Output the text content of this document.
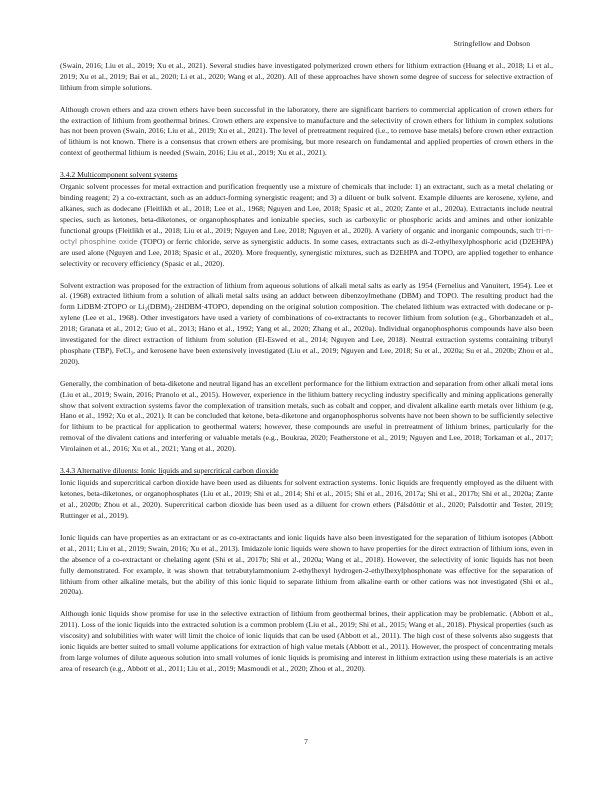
Stringfellow and Dobson

(Swain, 2016; Liu et al., 2019; Xu et al., 2021). Several studies have investigated polymerized crown ethers for lithium extraction (Huang et al., 2018; Li et al., 2019; Xu et al., 2019; Bai et al., 2020; Li et al., 2020; Wang et al., 2020). All of these approaches have shown some degree of success for selective extraction of lithium from simple solutions.

Although crown ethers and aza crown ethers have been successful in the laboratory, there are significant barriers to commercial application of crown ethers for the extraction of lithium from geothermal brines. Crown ethers are expensive to manufacture and the selectivity of crown ethers for lithium in complex solutions has not been proven (Swain, 2016; Liu et al., 2019; Xu et al., 2021). The level of pretreatment required (i.e., to remove base metals) before crown ether extraction of lithium is not known. There is a consensus that crown ethers are promising, but more research on fundamental and applied properties of crown ethers in the context of geothermal lithium is needed (Swain, 2016; Liu et al., 2019; Xu et al., 2021).

3.4.2 Multicomponent solvent systems

Organic solvent processes for metal extraction and purification frequently use a mixture of chemicals that include: 1) an extractant, such as a metal chelating or binding reagent; 2) a co-extractant, such as an adduct-forming synergistic reagent; and 3) a diluent or bulk solvent. Example diluents are kerosene, xylene, and alkanes, such as dodecane (Fleitlikh et al., 2018; Lee et al., 1968; Nguyen and Lee, 2018; Spasic et al., 2020; Zante et al., 2020a). Extractants include neutral species, such as ketones, beta-diketones, or organophosphates and ionizable species, such as carboxylic or phosphoric acids and amines and other ionizable functional groups (Fleitlikh et al., 2018; Liu et al., 2019; Nguyen and Lee, 2018; Nguyen et al., 2020). A variety of organic and inorganic compounds, such tri-n-octyl phosphine oxide (TOPO) or ferric chloride, serve as synergistic adducts. In some cases, extractants such as di-2-ethylhexylphosphoric acid (D2EHPA) are used alone (Nguyen and Lee, 2018; Spasic et al., 2020). More frequently, synergistic mixtures, such as D2EHPA and TOPO, are applied together to enhance selectivity or recovery efficiency (Spasic et al., 2020).

Solvent extraction was proposed for the extraction of lithium from aqueous solutions of alkali metal salts as early as 1954 (Fernelius and Vanuitert, 1954). Lee et al. (1968) extracted lithium from a solution of alkali metal salts using an adduct between dibenzoylmethane (DBM) and TOPO. The resulting product had the form LiDBM·2TOPO or Li₂(DBM)₂·2HDBM·4TOPO, depending on the original solution composition. The chelated lithium was extracted with dodecane or p-xylene (Lee et al., 1968). Other investigators have used a variety of combinations of co-extractants to recover lithium from solution (e.g., Ghorbanzadeh et al., 2018; Granata et al., 2012; Guo et al., 2013; Hano et al., 1992; Yang et al., 2020; Zhang et al., 2020a). Individual organophosphorus compounds have also been investigated for the direct extraction of lithium from solution (El-Eswed et al., 2014; Nguyen and Lee, 2018). Neutral extraction systems containing tributyl phosphate (TBP), FeCl₃, and kerosene have been extensively investigated (Liu et al., 2019; Nguyen and Lee, 2018; Su et al., 2020a; Su et al., 2020b; Zhou et al., 2020).

Generally, the combination of beta-diketone and neutral ligand has an excellent performance for the lithium extraction and separation from other alkali metal ions (Liu et al., 2019; Swain, 2016; Pranolo et al., 2015). However, experience in the lithium battery recycling industry specifically and mining applications generally show that solvent extraction systems favor the complexation of transition metals, such as cobalt and copper, and divalent alkaline earth metals over lithium (e.g, Hano et al., 1992; Xu et al., 2021). It can be concluded that ketone, beta-diketone and organophosphorus solvents have not been shown to be sufficiently selective for lithium to be practical for application to geothermal waters; however, these compounds are useful in pretreatment of lithium brines, particularly for the removal of the divalent cations and interfering or valuable metals (e.g., Boukraa, 2020; Featherstone et al., 2019; Nguyen and Lee, 2018; Torkaman et al., 2017; Virolainen et al., 2016; Xu et al., 2021; Yang et al., 2020).

3.4.3 Alternative diluents: Ionic liquids and supercritical carbon dioxide

Ionic liquids and supercritical carbon dioxide have been used as diluents for solvent extraction systems. Ionic liquids are frequently employed as the diluent with ketones, beta-diketones, or organophosphates (Liu et al., 2019; Shi et al., 2014; Shi et al., 2015; Shi et al., 2016, 2017a; Shi et al., 2017b; Shi et al., 2020a; Zante et al., 2020b; Zhou et al., 2020). Supercritical carbon dioxide has been used as a diluent for crown ethers (Pálsdóttir et al., 2020; Palsdottir and Tester, 2019; Ruttinger et al., 2019).

Ionic liquids can have properties as an extractant or as co-extractants and ionic liquids have also been investigated for the separation of lithium isotopes (Abbott et al., 2011; Liu et al., 2019; Swain, 2016; Xu et al., 2013). Imidazole ionic liquids were shown to have properties for the direct extraction of lithium ions, even in the absence of a co-extractant or chelating agent (Shi et al., 2017b; Shi et al., 2020a; Wang et al., 2018). However, the selectivity of ionic liquids has not been fully demonstrated. For example, it was shown that tetrabutylammonium 2-ethylhexyl hydrogen-2-ethylhexylphosphonate was effective for the separation of lithium from other alkaline metals, but the ability of this ionic liquid to separate lithium from alkaline earth or other cations was not investigated (Shi et al., 2020a).

Although ionic liquids show promise for use in the selective extraction of lithium from geothermal brines, their application may be problematic. (Abbott et al., 2011). Loss of the ionic liquids into the extracted solution is a common problem (Liu et al., 2019; Shi et al., 2015; Wang et al., 2018). Physical properties (such as viscosity) and solubilities with water will limit the choice of ionic liquids that can be used (Abbott et al., 2011). The high cost of these solvents also suggests that ionic liquids are better suited to small volume applications for extraction of high value metals (Abbott et al., 2011). However, the prospect of concentrating metals from large volumes of dilute aqueous solution into small volumes of ionic liquids is promising and interest in lithium extraction using these materials is an active area of research (e.g., Abbott et al., 2011; Liu et al., 2019; Masmoudi et al., 2020; Zhou et al., 2020).

7
